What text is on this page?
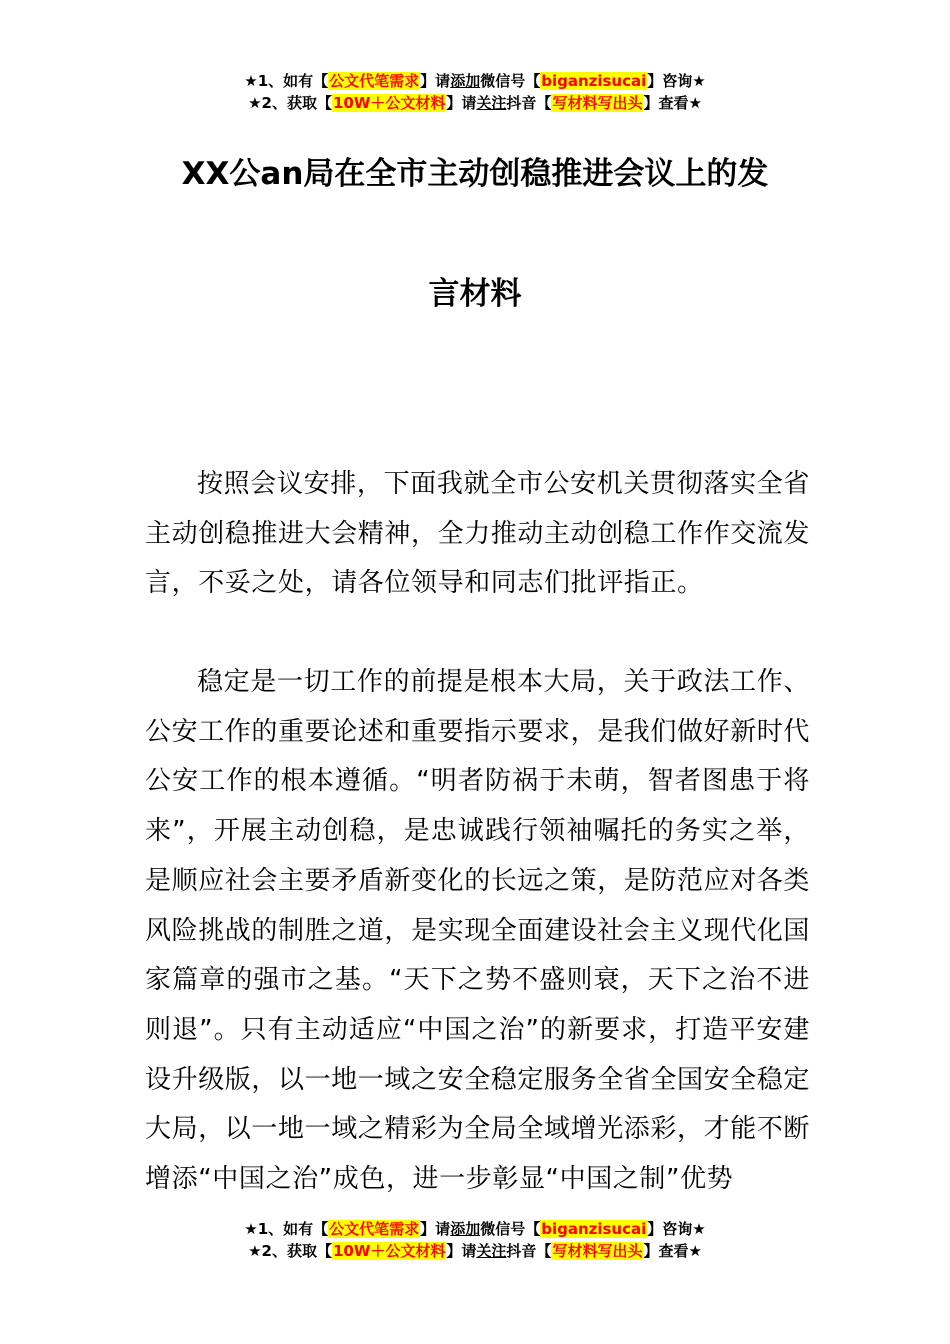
★1、如有【公文代笔需求】请添加微信号【biganzisucai】咨询★
★2、获取【10W＋公文材料】请关注抖音【写材料写出头】查看★
XX公an局在全市主动创稳推进会议上的发
言材料

按照会议安排，下面我就全市公安机关贯彻落实全省主动创稳推进大会精神，全力推动主动创稳工作作交流发言，不妥之处，请各位领导和同志们批评指正。

稳定是一切工作的前提是根本大局，关于政法工作、公安工作的重要论述和重要指示要求，是我们做好新时代公安工作的根本遵循。“明者防祸于未萌，智者图患于将来”，开展主动创稳，是忠诚践行领袖嘱托的务实之举，是顺应社会主要矛盾新变化的长远之策，是防范应对各类风险挑战的制胜之道，是实现全面建设社会主义现代化国家篇章的强市之基。“天下之势不盛则衰，天下之治不进则退”。只有主动适应“中国之治”的新要求，打造平安建设升级版，以一地一域之安全稳定服务全省全国安全稳定大局，以一地一域之精彩为全局全域增光添彩，才能不断增添“中国之治”成色，进一步彰显“中国之制”优势

★1、如有【公文代笔需求】请添加微信号【biganzisucai】咨询★
★2、获取【10W＋公文材料】请关注抖音【写材料写出头】查看★
